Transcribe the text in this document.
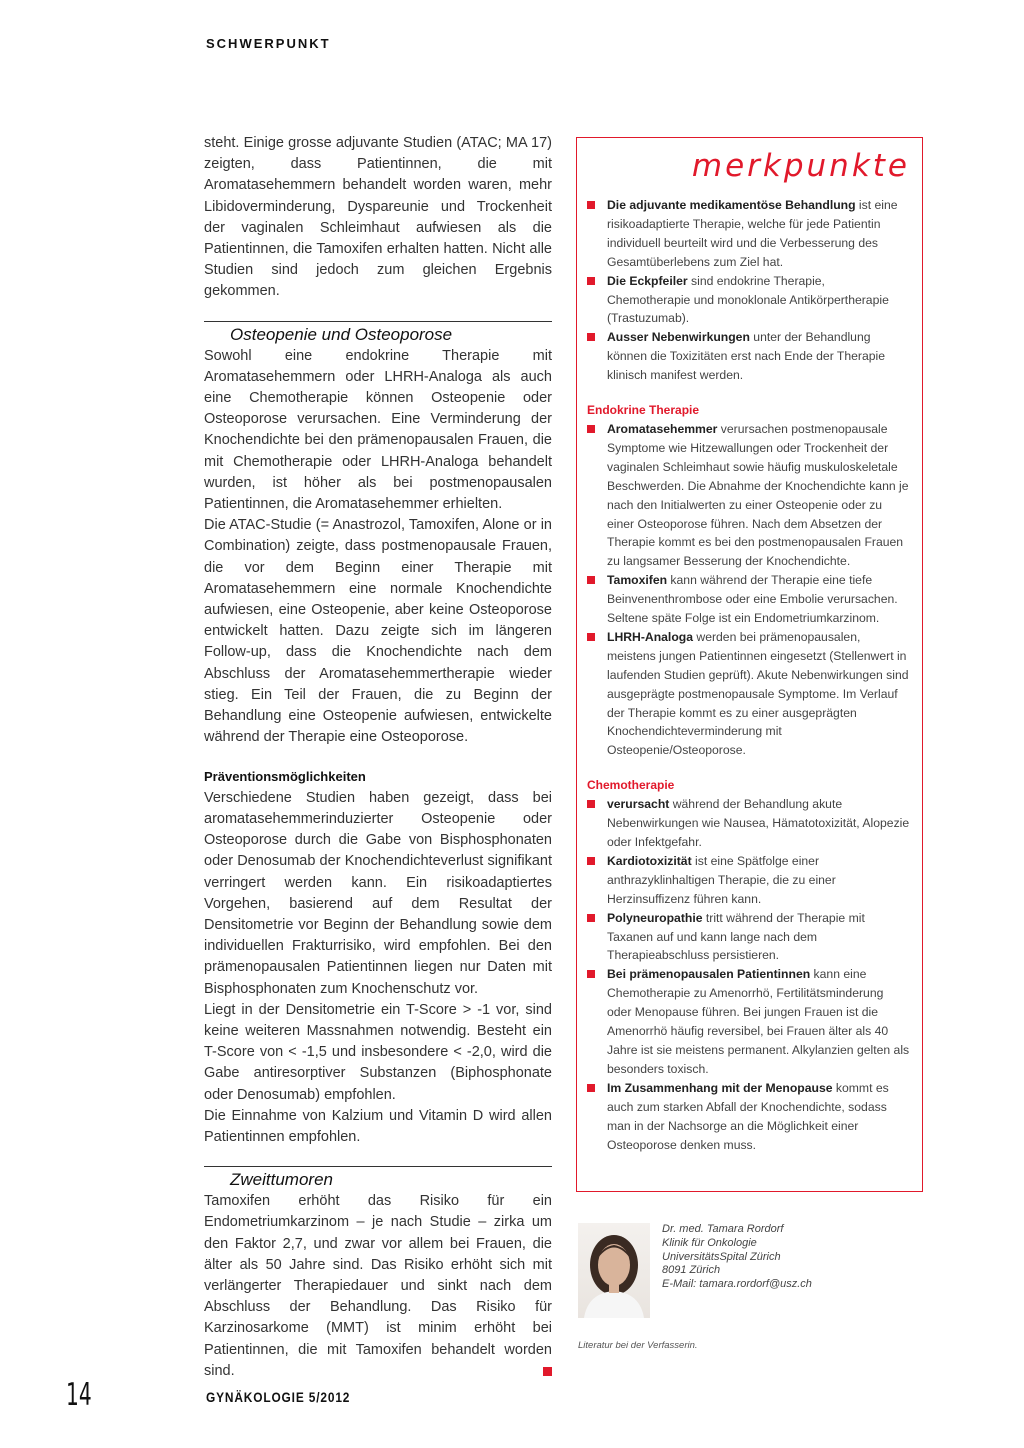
SCHWERPUNKT

steht. Einige grosse adjuvante Studien (ATAC; MA 17) zeigten, dass Patientinnen, die mit Aromatasehemmern behandelt worden waren, mehr Libidoverminderung, Dyspareunie und Trockenheit der vaginalen Schleimhaut aufwiesen als die Patientinnen, die Tamoxifen erhalten hatten. Nicht alle Studien sind jedoch zum gleichen Ergebnis gekommen.

Osteopenie und Osteoporose

Sowohl eine endokrine Therapie mit Aromatasehemmern oder LHRH-Analoga als auch eine Chemotherapie können Osteopenie oder Osteoporose verursachen. Eine Verminderung der Knochendichte bei den prämenopausalen Frauen, die mit Chemotherapie oder LHRH-Analoga behandelt wurden, ist höher als bei postmenopausalen Patientinnen, die Aromatasehemmer erhielten.

Die ATAC-Studie (= Anastrozol, Tamoxifen, Alone or in Combination) zeigte, dass postmenopausale Frauen, die vor dem Beginn einer Therapie mit Aromatasehemmern eine normale Knochendichte aufwiesen, eine Osteopenie, aber keine Osteoporose entwickelt hatten. Dazu zeigte sich im längeren Follow-up, dass die Knochendichte nach dem Abschluss der Aromatasehemmertherapie wieder stieg. Ein Teil der Frauen, die zu Beginn der Behandlung eine Osteopenie aufwiesen, entwickelte während der Therapie eine Osteoporose.

Präventionsmöglichkeiten

Verschiedene Studien haben gezeigt, dass bei aromatasehemmerinduzierter Osteopenie oder Osteoporose durch die Gabe von Bisphosphonaten oder Denosumab der Knochendichteverlust signifikant verringert werden kann. Ein risikoadaptiertes Vorgehen, basierend auf dem Resultat der Densitometrie vor Beginn der Behandlung sowie dem individuellen Frakturrisiko, wird empfohlen. Bei den prämenopausalen Patientinnen liegen nur Daten mit Bisphosphonaten zum Knochenschutz vor.

Liegt in der Densitometrie ein T-Score > -1 vor, sind keine weiteren Massnahmen notwendig. Besteht ein T-Score von < -1,5 und insbesondere < -2,0, wird die Gabe antiresorptiver Substanzen (Biphosphonate oder Denosumab) empfohlen.

Die Einnahme von Kalzium und Vitamin D wird allen Patientinnen empfohlen.

Zweittumoren

Tamoxifen erhöht das Risiko für ein Endometriumkarzinom – je nach Studie – zirka um den Faktor 2,7, und zwar vor allem bei Frauen, die älter als 50 Jahre sind. Das Risiko erhöht sich mit verlängerter Therapiedauer und sinkt nach dem Abschluss der Behandlung. Das Risiko für Karzinosarkome (MMT) ist minim erhöht bei Patientinnen, die mit Tamoxifen behandelt worden sind.

merkpunkte
Die adjuvante medikamentöse Behandlung ist eine risikoadaptierte Therapie, welche für jede Patientin individuell beurteilt wird und die Verbesserung des Gesamtüberlebens zum Ziel hat.
Die Eckpfeiler sind endokrine Therapie, Chemotherapie und monoklonale Antikörpertherapie (Trastuzumab).
Ausser Nebenwirkungen unter der Behandlung können die Toxizitäten erst nach Ende der Therapie klinisch manifest werden.
Endokrine Therapie
Aromatasehemmer verursachen postmenopausale Symptome wie Hitzewallungen oder Trockenheit der vaginalen Schleimhaut sowie häufig muskuloskeletale Beschwerden. Die Abnahme der Knochendichte kann je nach den Initialwerten zu einer Osteopenie oder zu einer Osteoporose führen. Nach dem Absetzen der Therapie kommt es bei den postmenopausalen Frauen zu langsamer Besserung der Knochendichte.
Tamoxifen kann während der Therapie eine tiefe Beinvenenthrombose oder eine Embolie verursachen. Seltene späte Folge ist ein Endometriumkarzinom.
LHRH-Analoga werden bei prämenopausalen, meistens jungen Patientinnen eingesetzt (Stellenwert in laufenden Studien geprüft). Akute Nebenwirkungen sind ausgeprägte postmenopausale Symptome. Im Verlauf der Therapie kommt es zu einer ausgeprägten Knochendichteverminderung mit Osteopenie/Osteoporose.
Chemotherapie
verursacht während der Behandlung akute Nebenwirkungen wie Nausea, Hämatotoxizität, Alopezie oder Infektgefahr.
Kardiotoxizität ist eine Spätfolge einer anthrazyklinhaltigen Therapie, die zu einer Herzinsuffizenz führen kann.
Polyneuropathie tritt während der Therapie mit Taxanen auf und kann lange nach dem Therapieabschluss persistieren.
Bei prämenopausalen Patientinnen kann eine Chemotherapie zu Amenorrhö, Fertilitätsminderung oder Menopause führen. Bei jungen Frauen ist die Amenorrhö häufig reversibel, bei Frauen älter als 40 Jahre ist sie meistens permanent. Alkylanzien gelten als besonders toxisch.
Im Zusammenhang mit der Menopause kommt es auch zum starken Abfall der Knochendichte, sodass man in der Nachsorge an die Möglichkeit einer Osteoporose denken muss.
Dr. med. Tamara Rordorf
Klinik für Onkologie
UniversitätsSpital Zürich
8091 Zürich
E-Mail: tamara.rordorf@usz.ch
Literatur bei der Verfasserin.
14	GYNÄKOLOGIE 5/2012
